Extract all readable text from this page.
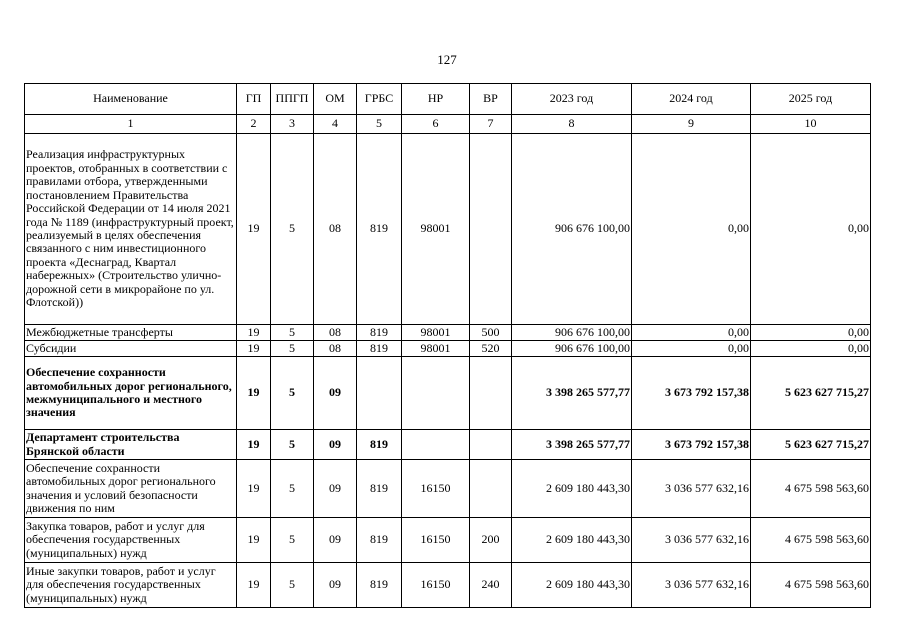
127
Наименование	ГП	ППГП	ОМ	ГРБС	НР	ВР	2023 год	2024 год	2025 год
1	2	3	4	5	6	7	8	9	10
Реализация инфраструктурных проектов, отобранных в соответствии с правилами отбора, утвержденными постановлением Правительства Российской Федерации от 14 июля 2021 года № 1189 (инфраструктурный проект, реализуемый в целях обеспечения связанного с ним инвестиционного проекта «Деснаград, Квартал набережных» (Строительство улично-дорожной сети в микрорайоне по ул. Флотской))	19	5	08	819	98001		906 676 100,00	0,00	0,00
Межбюджетные трансферты	19	5	08	819	98001	500	906 676 100,00	0,00	0,00
Субсидии	19	5	08	819	98001	520	906 676 100,00	0,00	0,00
Обеспечение сохранности автомобильных дорог регионального, межмуниципального и местного значения	19	5	09				3 398 265 577,77	3 673 792 157,38	5 623 627 715,27
Департамент строительства Брянской области	19	5	09	819			3 398 265 577,77	3 673 792 157,38	5 623 627 715,27
Обеспечение сохранности автомобильных дорог регионального значения и условий безопасности движения по ним	19	5	09	819	16150		2 609 180 443,30	3 036 577 632,16	4 675 598 563,60
Закупка товаров, работ и услуг для обеспечения государственных (муниципальных) нужд	19	5	09	819	16150	200	2 609 180 443,30	3 036 577 632,16	4 675 598 563,60
Иные закупки товаров, работ и услуг для обеспечения государственных (муниципальных) нужд	19	5	09	819	16150	240	2 609 180 443,30	3 036 577 632,16	4 675 598 563,60
